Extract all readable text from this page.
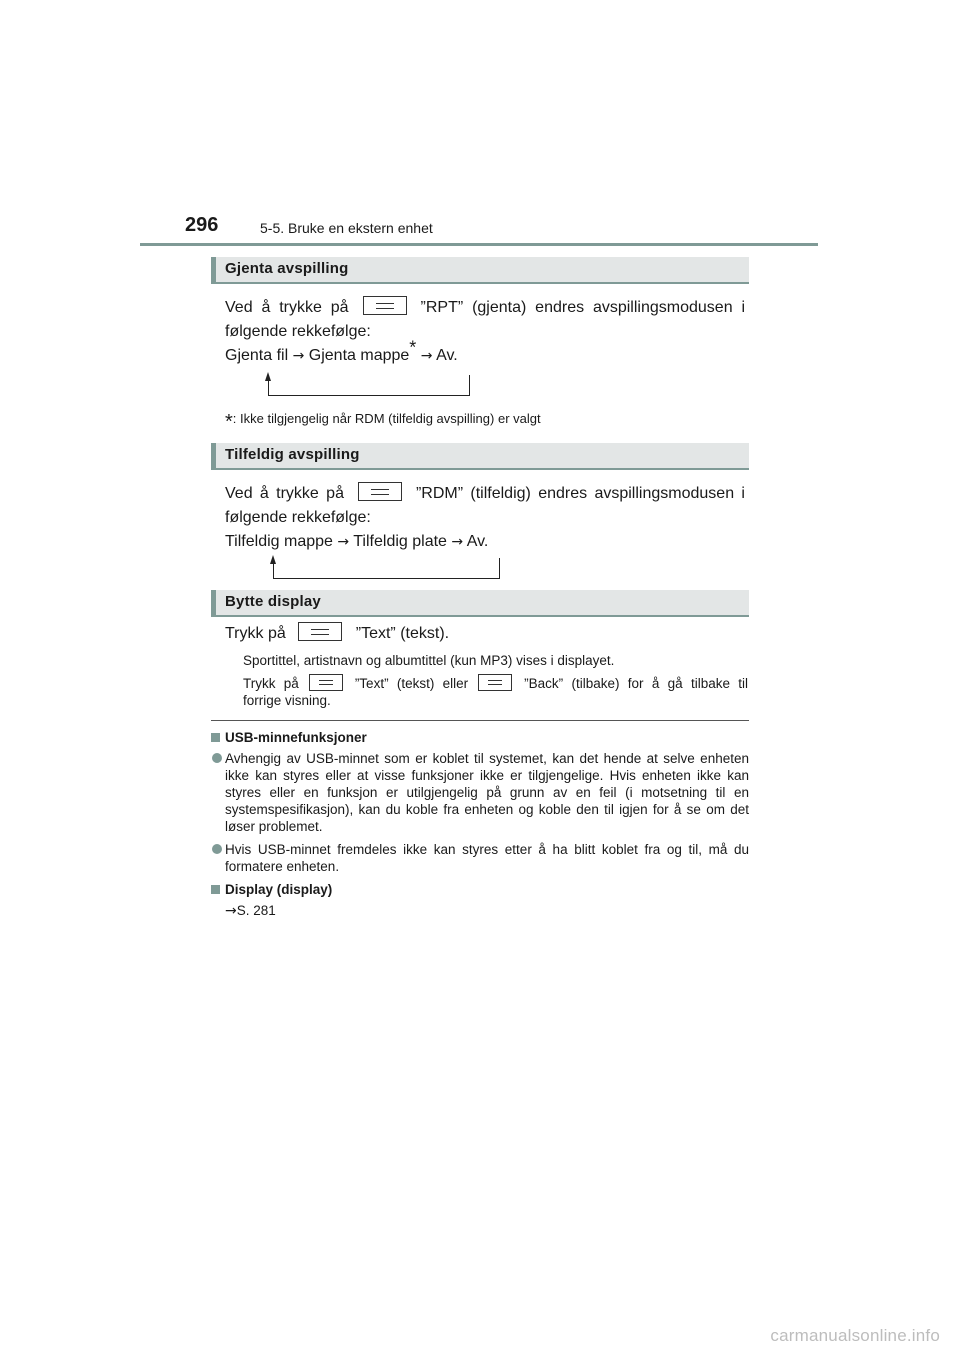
296	5-5. Bruke en ekstern enhet
Gjenta avspilling
Ved å trykke på	”RPT” (gjenta) endres avspillingsmodusen i
følgende rekkefølge:
Gjenta fil → Gjenta mappe* → Av.
*: Ikke tilgjengelig når RDM (tilfeldig avspilling) er valgt
Tilfeldig avspilling
Ved å trykke på	”RDM” (tilfeldig) endres avspillingsmodusen i
følgende rekkefølge:
Tilfeldig mappe → Tilfeldig plate → Av.
Bytte display
Trykk på	”Text” (tekst).
Sportittel, artistnavn og albumtittel (kun MP3) vises i displayet.
Trykk på	”Text” (tekst) eller	”Back” (tilbake) for å gå tilbake til
forrige visning.
USB-minnefunksjoner
Avhengig av USB-minnet som er koblet til systemet, kan det hende at selve enheten ikke kan styres eller at visse funksjoner ikke er tilgjengelige. Hvis enheten ikke kan styres eller en funksjon er utilgjengelig på grunn av en feil (i motsetning til en systemspesifikasjon), kan du koble fra enheten og koble den til igjen for å se om det løser problemet.
Hvis USB-minnet fremdeles ikke kan styres etter å ha blitt koblet fra og til, må du formatere enheten.
Display (display)
→S. 281
carmanualsonline.info
